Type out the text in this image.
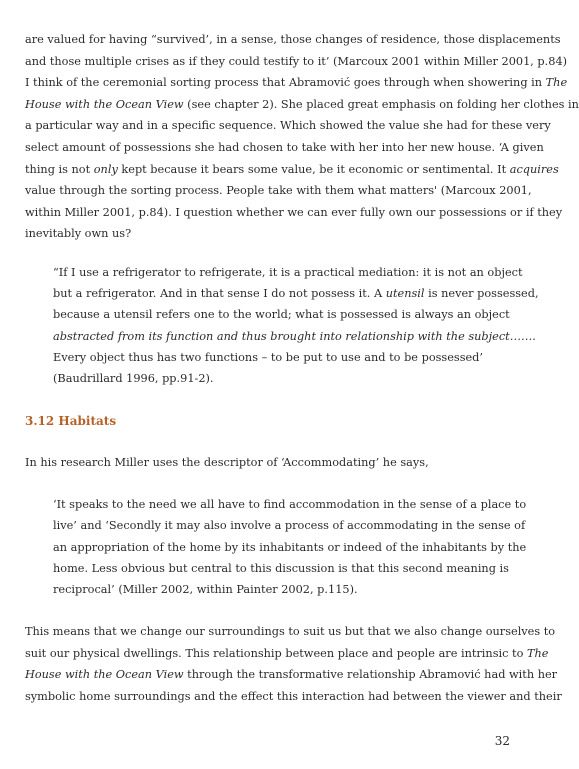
are valued for having “survived’, in a sense, those changes of residence, those displacements
and those multiple crises as if they could testify to it’ (Marcoux 2001 within Miller 2001, p.84)
I think of the ceremonial sorting process that Abramović goes through when showering in The
House with the Ocean View (see chapter 2). She placed great emphasis on folding her clothes in
a particular way and in a specific sequence. Which showed the value she had for these very
select amount of possessions she had chosen to take with her into her new house. ‘A given
thing is not only kept because it bears some value, be it economic or sentimental. It acquires
value through the sorting process. People take with them what matters' (Marcoux 2001,
within Miller 2001, p.84). I question whether we can ever fully own our possessions or if they
inevitably own us?
“If I use a refrigerator to refrigerate, it is a practical mediation: it is not an object
but a refrigerator. And in that sense I do not possess it. A utensil is never possessed,
because a utensil refers one to the world; what is possessed is always an object
abstracted from its function and thus brought into relationship with the subject…….
Every object thus has two functions – to be put to use and to be possessed’
(Baudrillard 1996, pp.91-2).
3.12 Habitats
In his research Miller uses the descriptor of ‘Accommodating’ he says,
‘It speaks to the need we all have to find accommodation in the sense of a place to
live’ and ‘Secondly it may also involve a process of accommodating in the sense of
an appropriation of the home by its inhabitants or indeed of the inhabitants by the
home. Less obvious but central to this discussion is that this second meaning is
reciprocal’ (Miller 2002, within Painter 2002, p.115).
This means that we change our surroundings to suit us but that we also change ourselves to
suit our physical dwellings. This relationship between place and people are intrinsic to The
House with the Ocean View through the transformative relationship Abramović had with her
symbolic home surroundings and the effect this interaction had between the viewer and their
32
